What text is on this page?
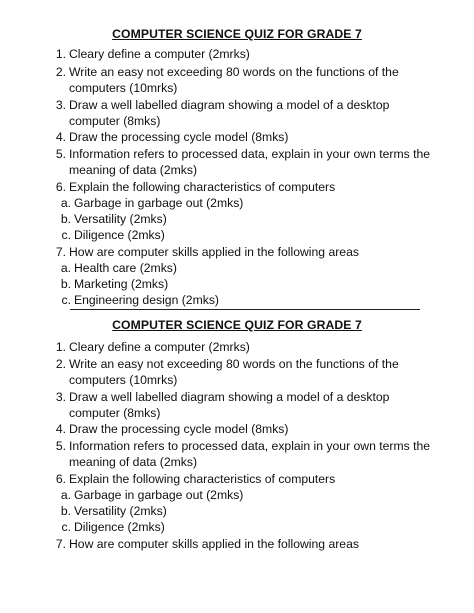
COMPUTER SCIENCE QUIZ FOR GRADE 7
1. Cleary define a computer (2mrks)
2. Write an easy not exceeding 80 words on the functions of the
computers (10mrks)
3. Draw a well labelled diagram showing a model of a desktop
computer (8mks)
4. Draw the processing cycle model (8mks)
5. Information refers to processed data, explain in your own terms the
meaning of data (2mks)
6. Explain the following characteristics of computers
a. Garbage in garbage out (2mks)
b. Versatility (2mks)
c. Diligence (2mks)
7. How are computer skills applied in the following areas
a. Health care (2mks)
b. Marketing (2mks)
c. Engineering design (2mks)
COMPUTER SCIENCE QUIZ FOR GRADE 7
1. Cleary define a computer (2mrks)
2. Write an easy not exceeding 80 words on the functions of the
computers (10mrks)
3. Draw a well labelled diagram showing a model of a desktop
computer (8mks)
4. Draw the processing cycle model (8mks)
5. Information refers to processed data, explain in your own terms the
meaning of data (2mks)
6. Explain the following characteristics of computers
a. Garbage in garbage out (2mks)
b. Versatility (2mks)
c. Diligence (2mks)
7. How are computer skills applied in the following areas
